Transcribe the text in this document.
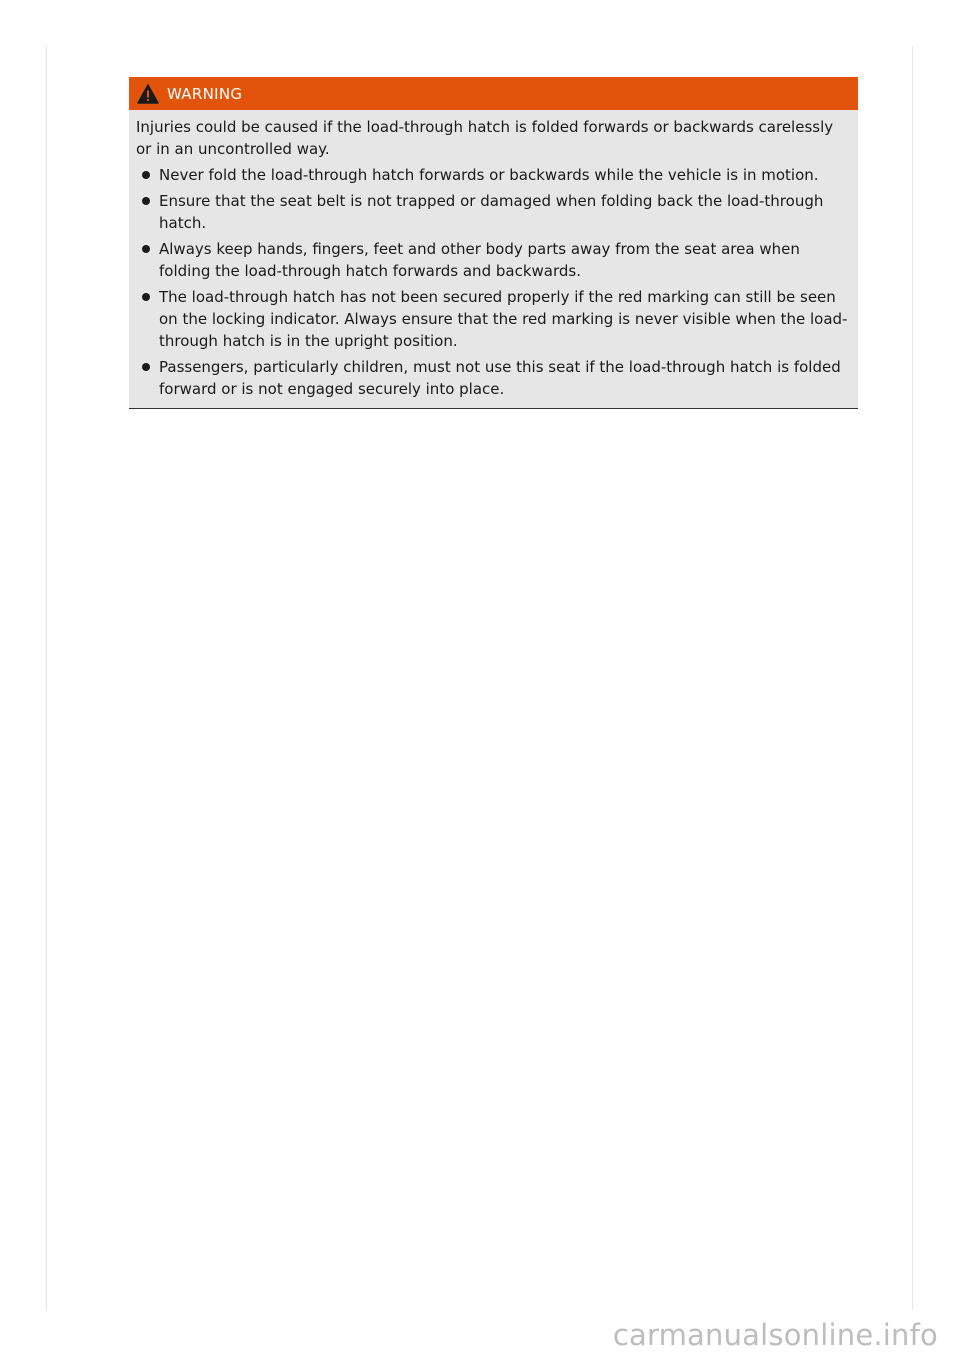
WARNING

Injuries could be caused if the load-through hatch is folded forwards or backwards carelessly or in an uncontrolled way.

Never fold the load-through hatch forwards or backwards while the vehicle is in motion.
Ensure that the seat belt is not trapped or damaged when folding back the load-through hatch.
Always keep hands, fingers, feet and other body parts away from the seat area when folding the load-through hatch forwards and backwards.
The load-through hatch has not been secured properly if the red marking can still be seen on the locking indicator. Always ensure that the red marking is never visible when the load-through hatch is in the upright position.
Passengers, particularly children, must not use this seat if the load-through hatch is folded forward or is not engaged securely into place.
carmanualsonline.info
